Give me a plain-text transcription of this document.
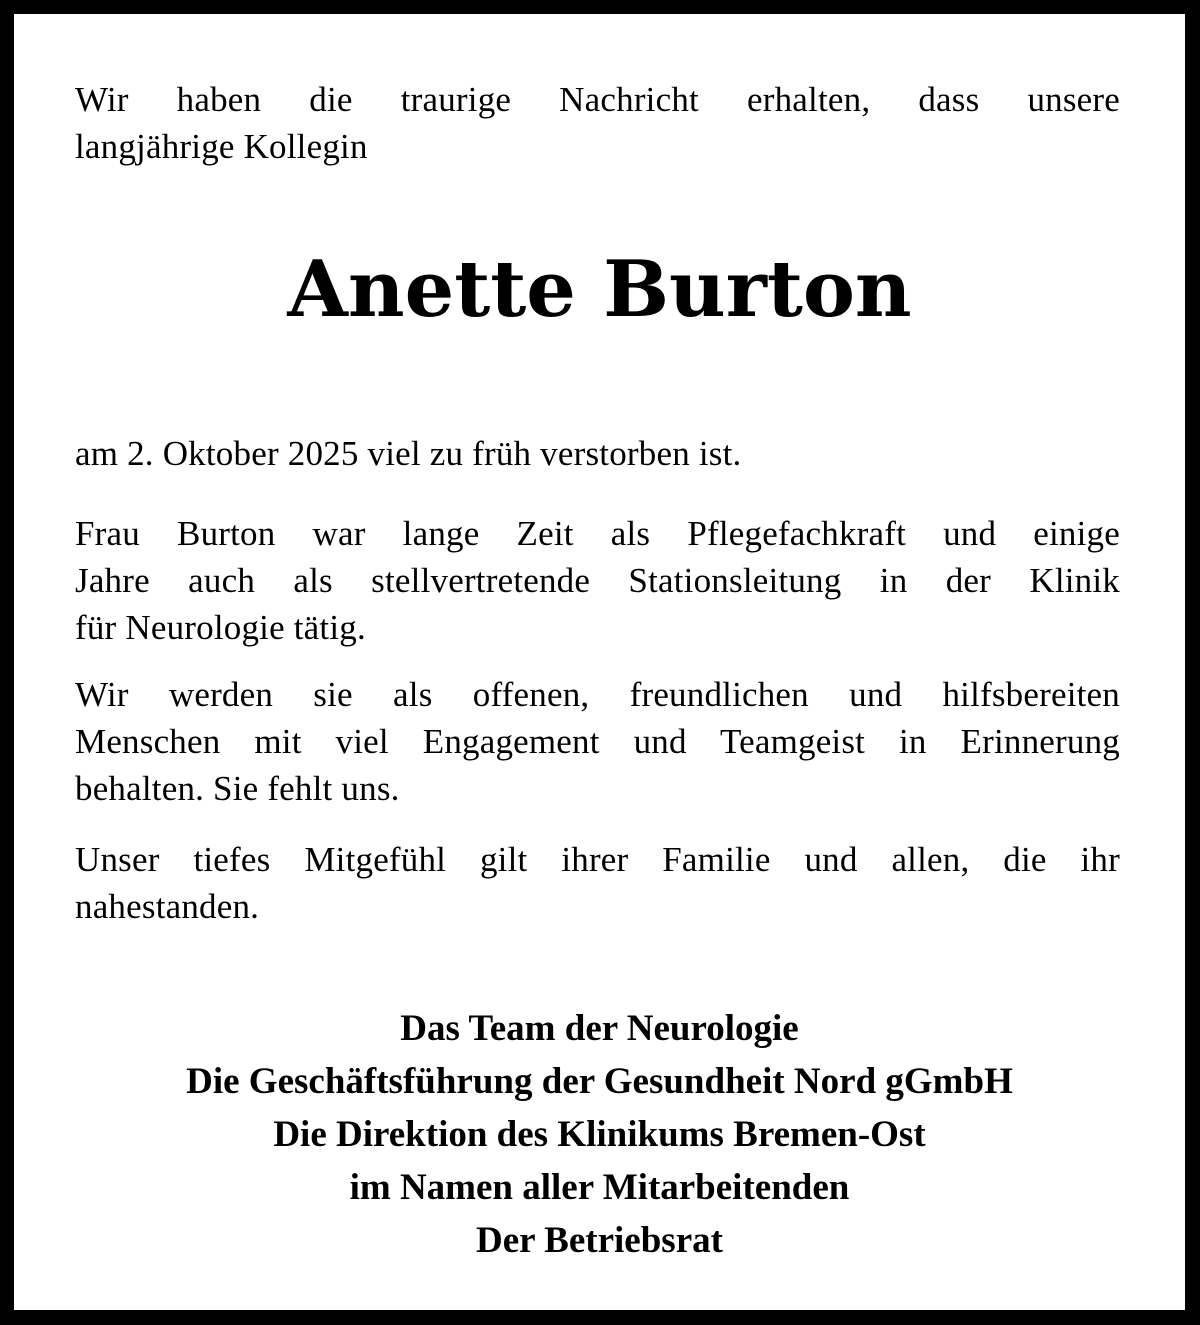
Wir haben die traurige Nachricht erhalten, dass unsere
langjährige Kollegin

Anette Burton

am 2. Oktober 2025 viel zu früh verstorben ist.

Frau Burton war lange Zeit als Pflegefachkraft und einige
Jahre auch als stellvertretende Stationsleitung in der Klinik
für Neurologie tätig.

Wir werden sie als offenen, freundlichen und hilfsbereiten
Menschen mit viel Engagement und Teamgeist in Erinnerung
behalten. Sie fehlt uns.

Unser tiefes Mitgefühl gilt ihrer Familie und allen, die ihr
nahestanden.

Das Team der Neurologie
Die Geschäftsführung der Gesundheit Nord gGmbH
Die Direktion des Klinikums Bremen-Ost
im Namen aller Mitarbeitenden
Der Betriebsrat
